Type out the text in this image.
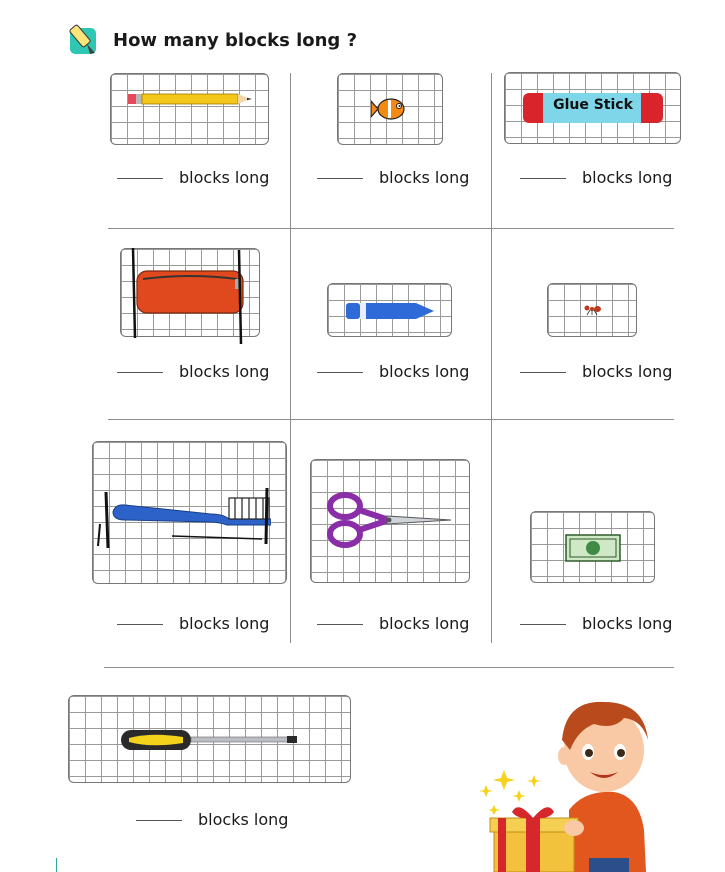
How many blocks long ?
blocks long	blocks long
Glue Stick
blocks long
blocks long	blocks long	blocks long
blocks long	blocks long	blocks long
blocks long
